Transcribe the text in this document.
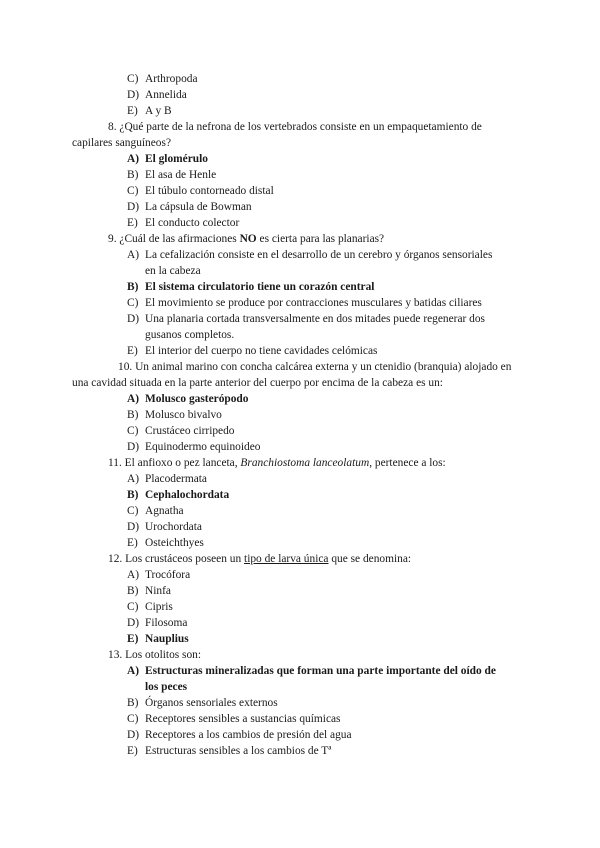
C) Arthropoda
D) Annelida
E) A y B
8. ¿Qué parte de la nefrona de los vertebrados consiste en un empaquetamiento de
capilares sanguíneos?
A) El glomérulo
B) El asa de Henle
C) El túbulo contorneado distal
D) La cápsula de Bowman
E) El conducto colector
9. ¿Cuál de las afirmaciones NO es cierta para las planarias?
A) La cefalización consiste en el desarrollo de un cerebro y órganos sensoriales
en la cabeza
B) El sistema circulatorio tiene un corazón central
C) El movimiento se produce por contracciones musculares y batidas ciliares
D) Una planaria cortada transversalmente en dos mitades puede regenerar dos
gusanos completos.
E) El interior del cuerpo no tiene cavidades celómicas
10. Un animal marino con concha calcárea externa y un ctenidio (branquia) alojado en
una cavidad situada en la parte anterior del cuerpo por encima de la cabeza es un:
A) Molusco gasterópodo
B) Molusco bivalvo
C) Crustáceo cirripedo
D) Equinodermo equinoideo
11. El anfioxo o pez lanceta, Branchiostoma lanceolatum, pertenece a los:
A) Placodermata
B) Cephalochordata
C) Agnatha
D) Urochordata
E) Osteichthyes
12. Los crustáceos poseen un tipo de larva única que se denomina:
A) Trocófora
B) Ninfa
C) Cipris
D) Filosoma
E) Nauplius
13. Los otolitos son:
A) Estructuras mineralizadas que forman una parte importante del oído de
los peces
B) Órganos sensoriales externos
C) Receptores sensibles a sustancias químicas
D) Receptores a los cambios de presión del agua
E) Estructuras sensibles a los cambios de Tª
